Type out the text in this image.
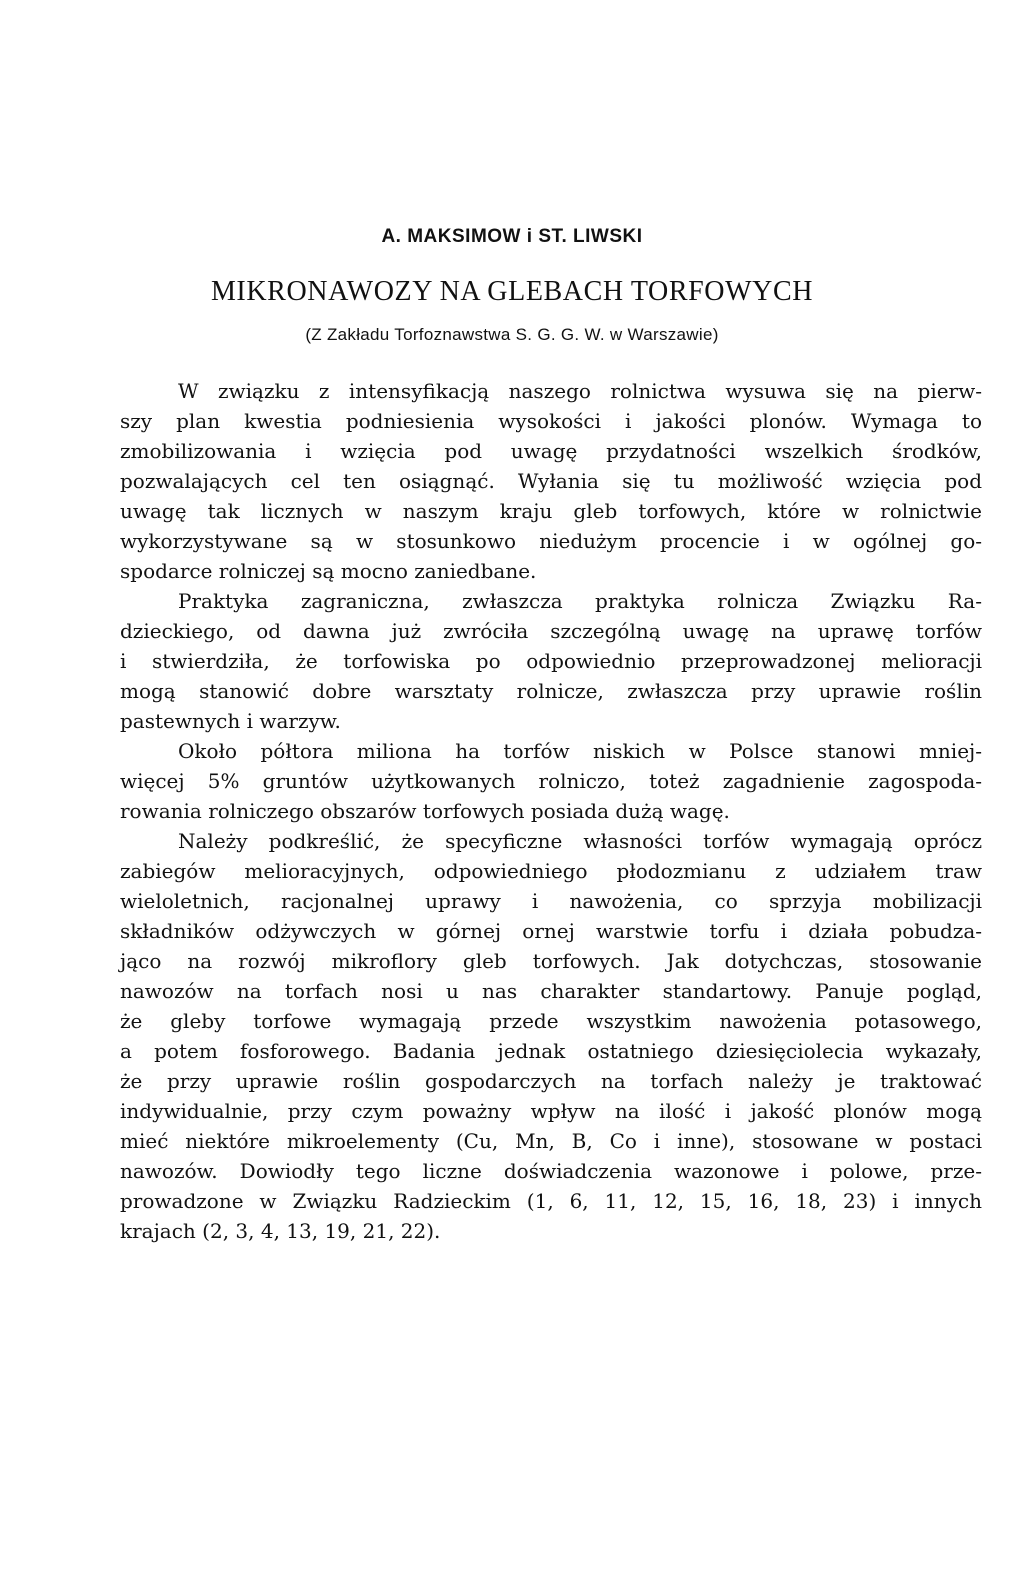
A. MAKSIMOW i ST. LIWSKI
MIKRONAWOZY NA GLEBACH TORFOWYCH
(Z Zakładu Torfoznawstwa S. G. G. W. w Warszawie)
W związku z intensyfikacją naszego rolnictwa wysuwa się na pierw-
szy plan kwestia podniesienia wysokości i jakości plonów. Wymaga to
zmobilizowania i wzięcia pod uwagę przydatności wszelkich środków,
pozwalających cel ten osiągnąć. Wyłania się tu możliwość wzięcia pod
uwagę tak licznych w naszym kraju gleb torfowych, które w rolnictwie
wykorzystywane są w stosunkowo niedużym procencie i w ogólnej go-
spodarce rolniczej są mocno zaniedbane.
Praktyka zagraniczna, zwłaszcza praktyka rolnicza Związku Ra-
dzieckiego, od dawna już zwróciła szczególną uwagę na uprawę torfów
i stwierdziła, że torfowiska po odpowiednio przeprowadzonej melioracji
mogą stanowić dobre warsztaty rolnicze, zwłaszcza przy uprawie roślin
pastewnych i warzyw.
Około półtora miliona ha torfów niskich w Polsce stanowi mniej-
więcej 5% gruntów użytkowanych rolniczo, toteż zagadnienie zagospoda-
rowania rolniczego obszarów torfowych posiada dużą wagę.
Należy podkreślić, że specyficzne własności torfów wymagają oprócz
zabiegów melioracyjnych, odpowiedniego płodozmianu z udziałem traw
wieloletnich, racjonalnej uprawy i nawożenia, co sprzyja mobilizacji
składników odżywczych w górnej ornej warstwie torfu i działa pobudza-
jąco na rozwój mikroflory gleb torfowych. Jak dotychczas, stosowanie
nawozów na torfach nosi u nas charakter standartowy. Panuje pogląd,
że gleby torfowe wymagają przede wszystkim nawożenia potasowego,
a potem fosforowego. Badania jednak ostatniego dziesięciolecia wykazały,
że przy uprawie roślin gospodarczych na torfach należy je traktować
indywidualnie, przy czym poważny wpływ na ilość i jakość plonów mogą
mieć niektóre mikroelementy (Cu, Mn, B, Co i inne), stosowane w postaci
nawozów. Dowiodły tego liczne doświadczenia wazonowe i polowe, prze-
prowadzone w Związku Radzieckim (1, 6, 11, 12, 15, 16, 18, 23) i innych
krajach (2, 3, 4, 13, 19, 21, 22).
